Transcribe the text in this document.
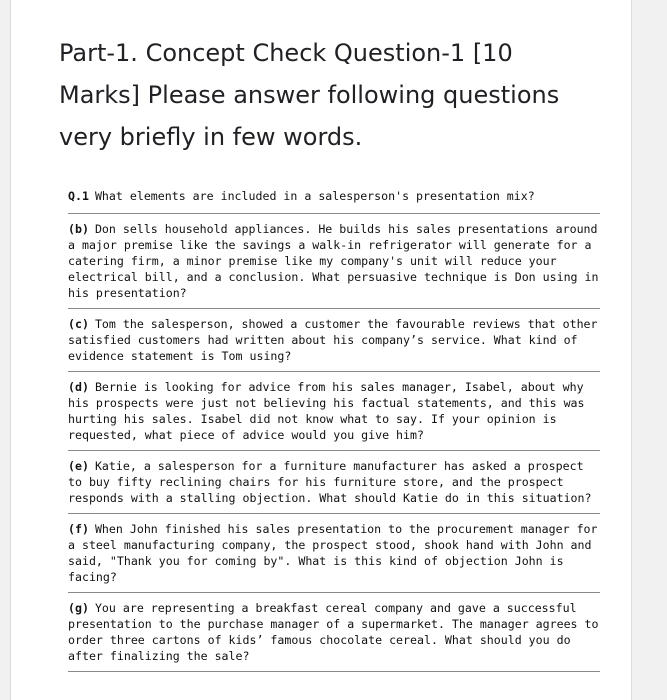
Part-1. Concept Check Question-1 [10 Marks] Please answer following questions very briefly in few words.
Q.1 What elements are included in a salesperson's presentation mix?
(b) Don sells household appliances. He builds his sales presentations around a major premise like the savings a walk-in refrigerator will generate for a catering firm, a minor premise like my company's unit will reduce your electrical bill, and a conclusion. What persuasive technique is Don using in his presentation?
(c) Tom the salesperson, showed a customer the favourable reviews that other satisfied customers had written about his company’s service. What kind of evidence statement is Tom using?
(d) Bernie is looking for advice from his sales manager, Isabel, about why his prospects were just not believing his factual statements, and this was hurting his sales. Isabel did not know what to say. If your opinion is requested, what piece of advice would you give him?
(e) Katie, a salesperson for a furniture manufacturer has asked a prospect to buy fifty reclining chairs for his furniture store, and the prospect responds with a stalling objection. What should Katie do in this situation?
(f) When John finished his sales presentation to the procurement manager for a steel manufacturing company, the prospect stood, shook hand with John and said, "Thank you for coming by". What is this kind of objection John is facing?
(g) You are representing a breakfast cereal company and gave a successful presentation to the purchase manager of a supermarket. The manager agrees to order three cartons of kids’ famous chocolate cereal. What should you do after finalizing the sale?
